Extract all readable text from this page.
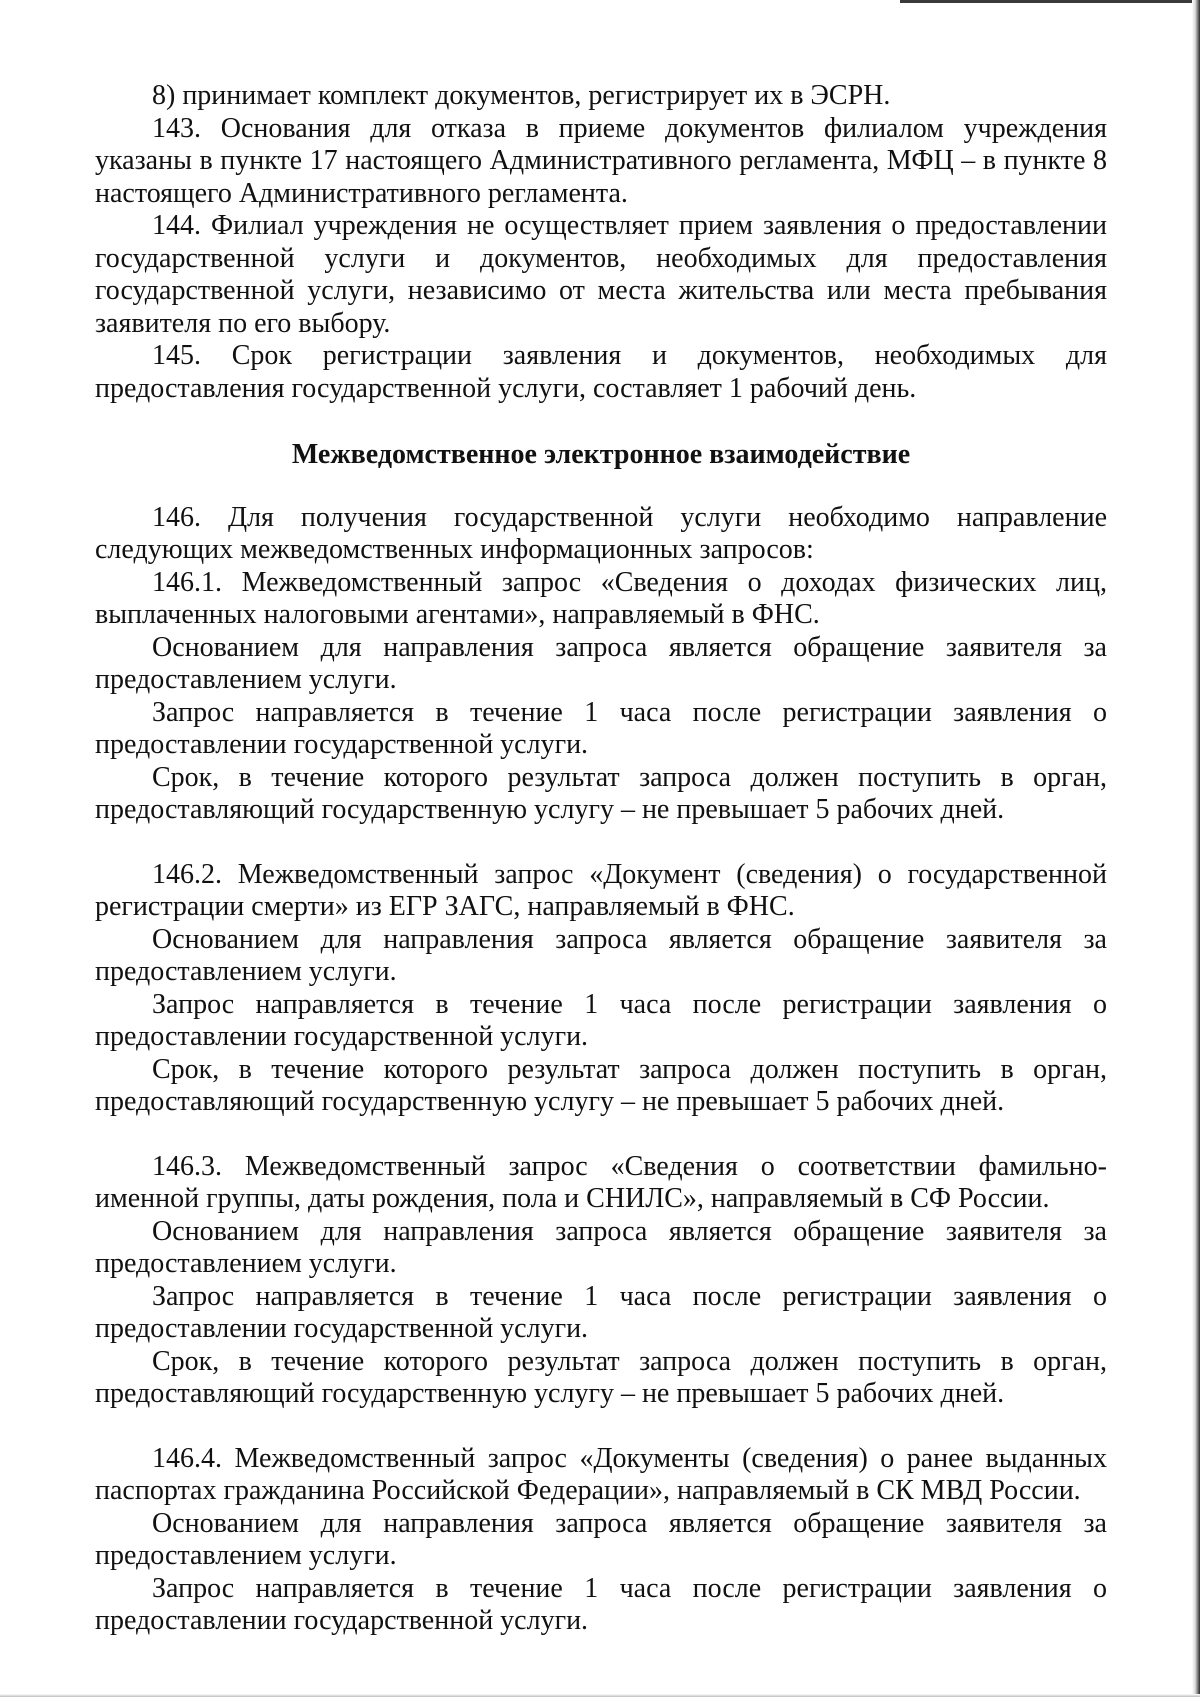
8) принимает комплект документов, регистрирует их в ЭСРН.

143. Основания для отказа в приеме документов филиалом учреждения указаны в пункте 17 настоящего Административного регламента, МФЦ – в пункте 8 настоящего Административного регламента.

144. Филиал учреждения не осуществляет прием заявления о предоставлении государственной услуги и документов, необходимых для предоставления государственной услуги, независимо от места жительства или места пребывания заявителя по его выбору.

145. Срок регистрации заявления и документов, необходимых для предоставления государственной услуги, составляет 1 рабочий день.

Межведомственное электронное взаимодействие

146. Для получения государственной услуги необходимо направление следующих межведомственных информационных запросов:

146.1. Межведомственный запрос «Сведения о доходах физических лиц, выплаченных налоговыми агентами», направляемый в ФНС.

Основанием для направления запроса является обращение заявителя за предоставлением услуги.

Запрос направляется в течение 1 часа после регистрации заявления о предоставлении государственной услуги.

Срок, в течение которого результат запроса должен поступить в орган, предоставляющий государственную услугу – не превышает 5 рабочих дней.

146.2. Межведомственный запрос «Документ (сведения) о государственной регистрации смерти» из ЕГР ЗАГС, направляемый в ФНС.

Основанием для направления запроса является обращение заявителя за предоставлением услуги.

Запрос направляется в течение 1 часа после регистрации заявления о предоставлении государственной услуги.

Срок, в течение которого результат запроса должен поступить в орган, предоставляющий государственную услугу – не превышает 5 рабочих дней.

146.3. Межведомственный запрос «Сведения о соответствии фамильно-именной группы, даты рождения, пола и СНИЛС», направляемый в СФ России.

Основанием для направления запроса является обращение заявителя за предоставлением услуги.

Запрос направляется в течение 1 часа после регистрации заявления о предоставлении государственной услуги.

Срок, в течение которого результат запроса должен поступить в орган, предоставляющий государственную услугу – не превышает 5 рабочих дней.

146.4. Межведомственный запрос «Документы (сведения) о ранее выданных паспортах гражданина Российской Федерации», направляемый в СК МВД России.

Основанием для направления запроса является обращение заявителя за предоставлением услуги.

Запрос направляется в течение 1 часа после регистрации заявления о предоставлении государственной услуги.
